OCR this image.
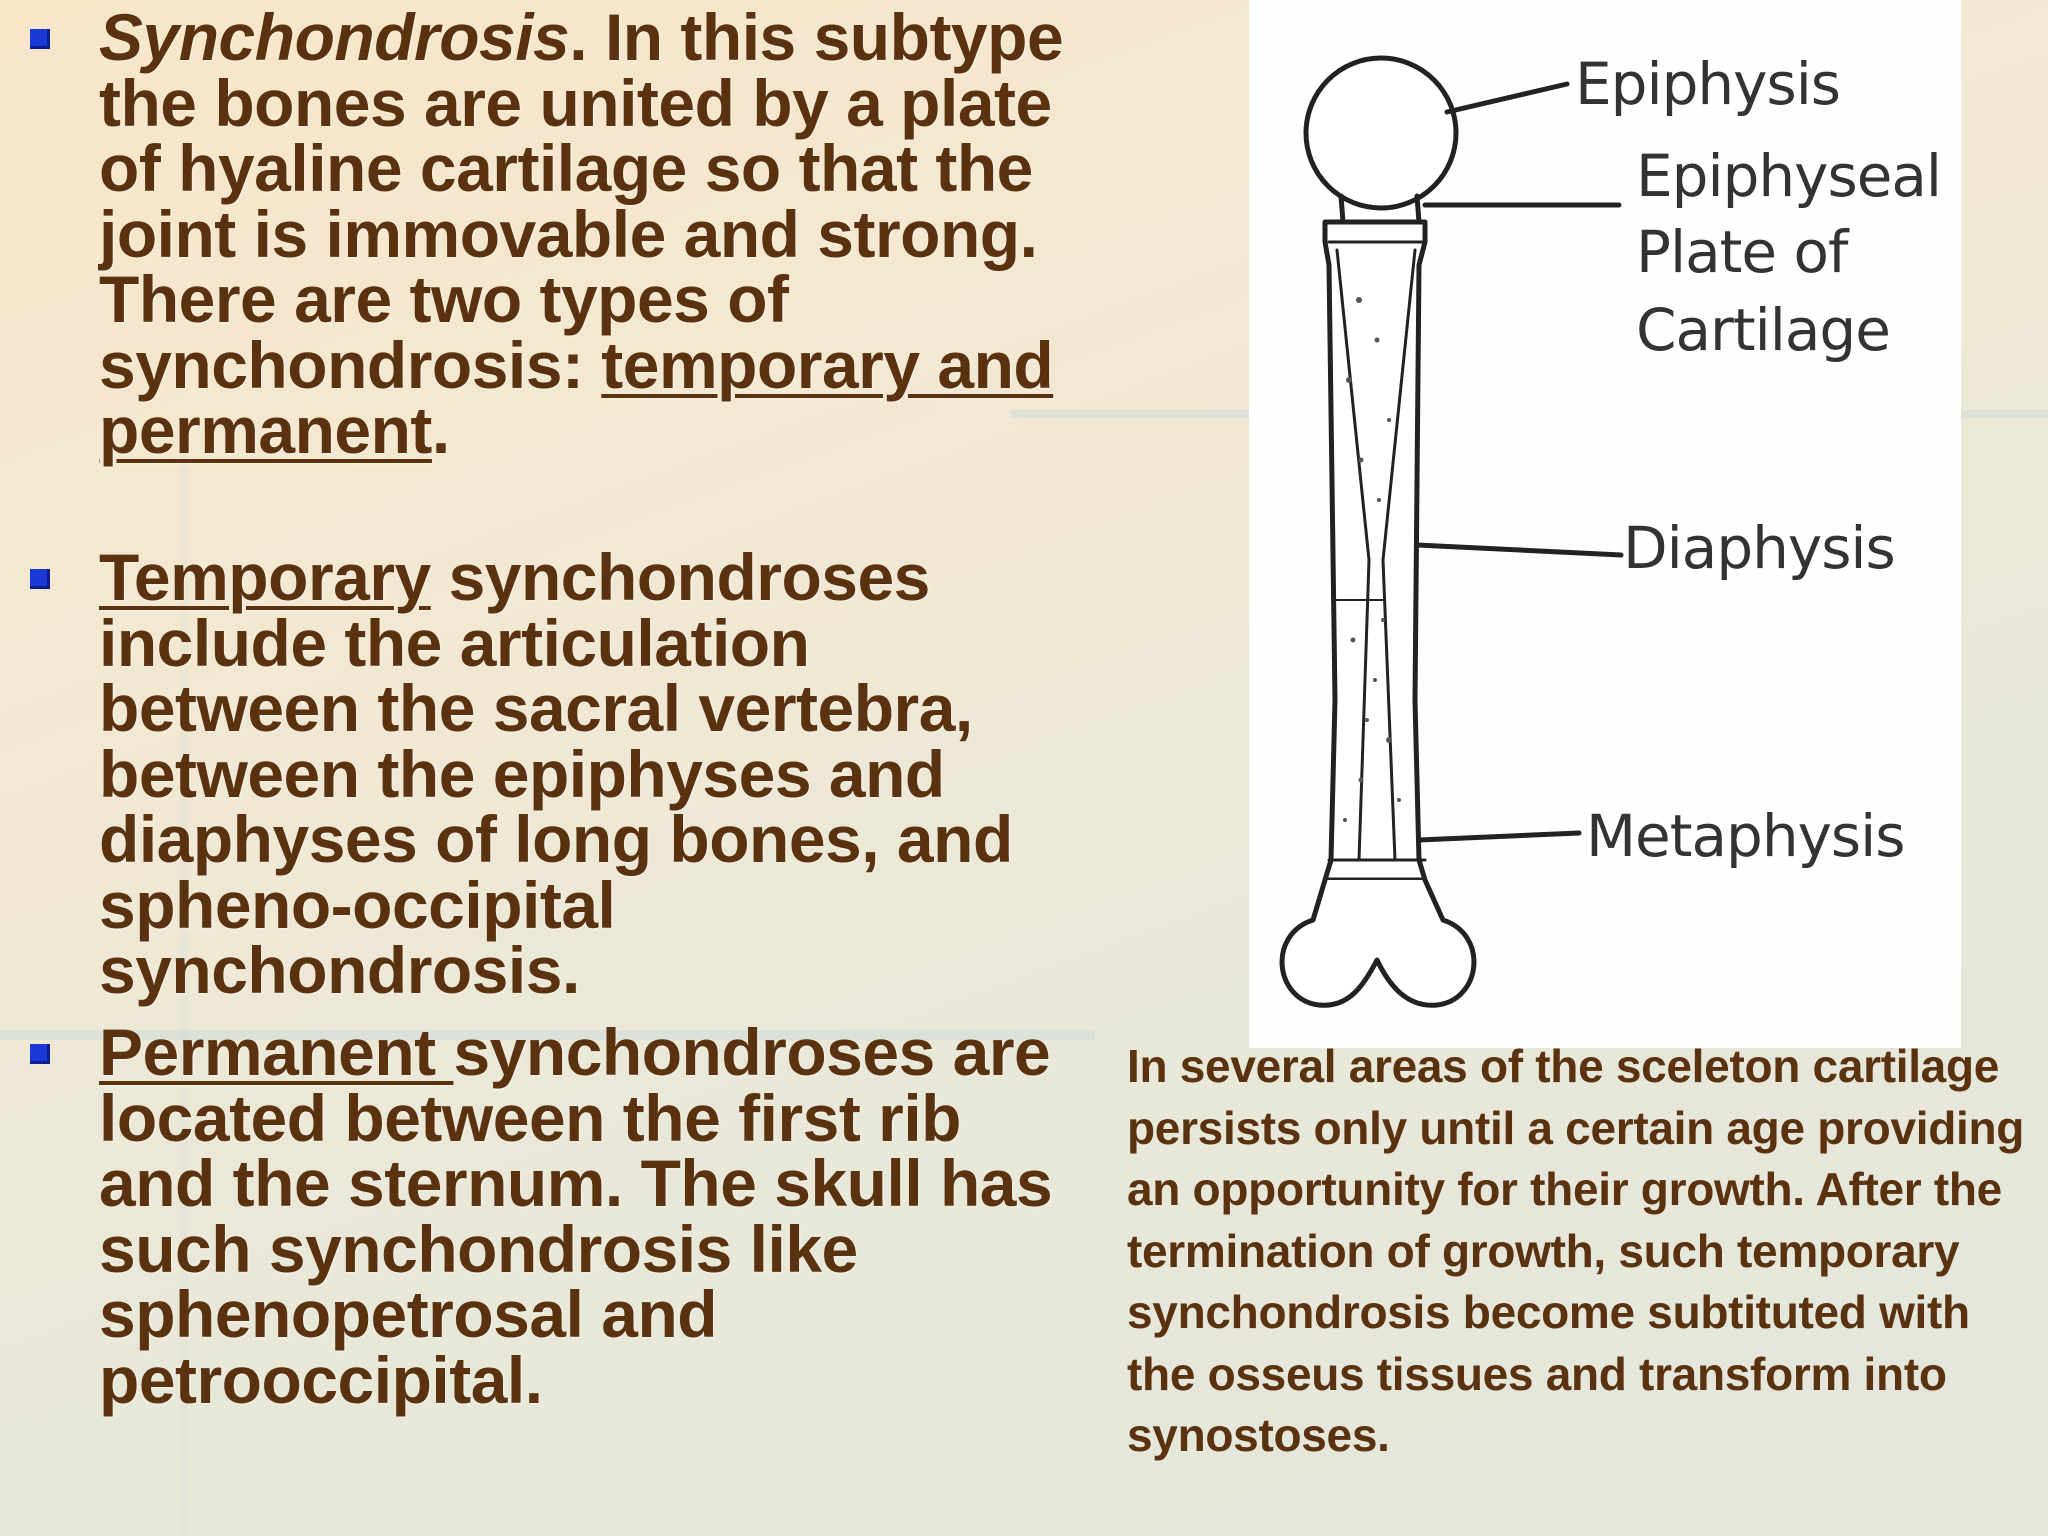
Synchondrosis. In this subtype the bones are united by a plate of hyaline cartilage so that the joint is immovable and strong. There are two types of synchondrosis: temporary and permanent.
Temporary synchondroses include the articulation between the sacral vertebra, between the epiphyses and diaphyses of long bones, and spheno-occipital synchondrosis.
Permanent synchondroses are located between the first rib and the sternum. The skull has such synchondrosis like sphenopetrosal and petrooccipital.
Epiphysis
Epiphyseal
Plate of
Cartilage
Diaphysis
Metaphysis

In several areas of the sceleton cartilage persists only until a certain age providing an opportunity for their growth. After the termination of growth, such temporary synchondrosis become subtituted with the osseus tissues and transform into synostoses.
